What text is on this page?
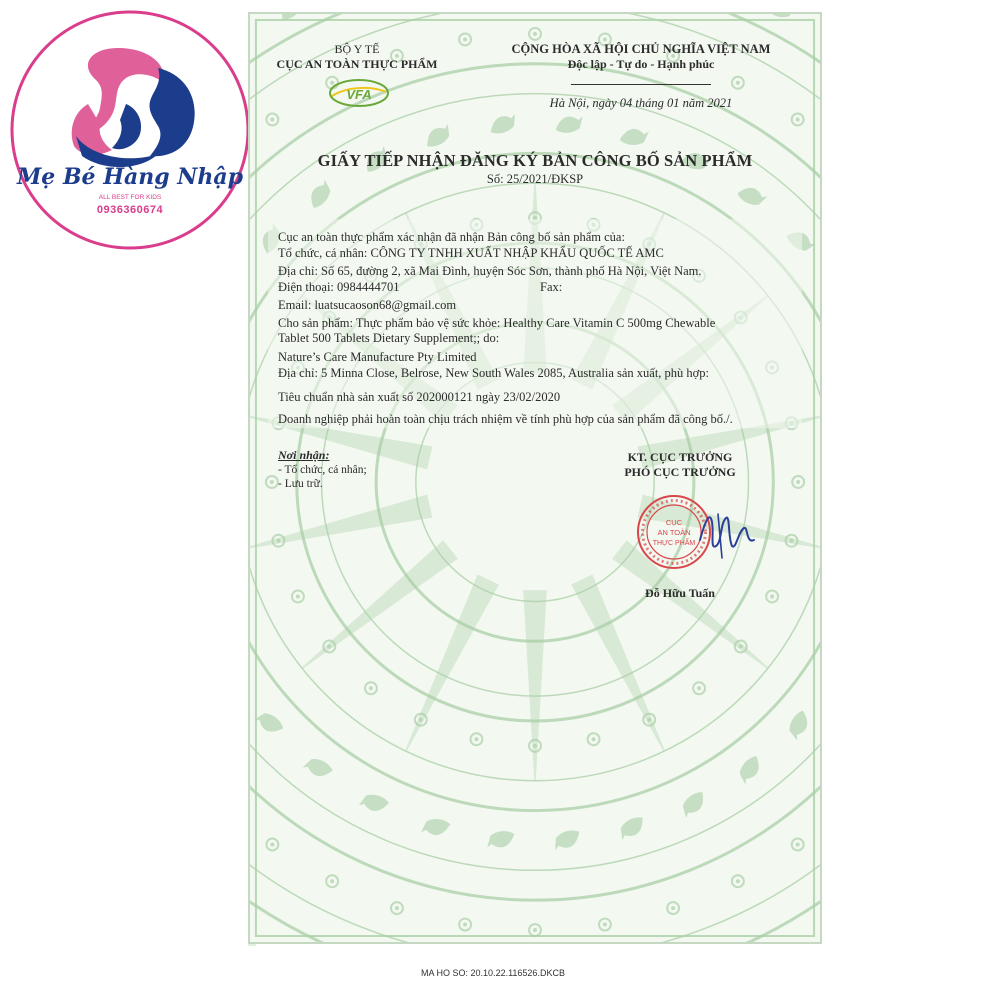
Mẹ Bé Hàng Nhập
ALL BEST FOR KIDS
0936360674
BỘ Y TẾ
CỤC AN TOÀN THỰC PHẨM
VFA
CỘNG HÒA XÃ HỘI CHỦ NGHĨA VIỆT NAM
Độc lập - Tự do - Hạnh phúc
Hà Nội, ngày 04 tháng 01 năm 2021
GIẤY TIẾP NHẬN ĐĂNG KÝ BẢN CÔNG BỐ SẢN PHẨM
Số: 25/2021/ĐKSP
Cục an toàn thực phẩm xác nhận đã nhận Bản công bố sản phẩm của:
Tổ chức, cá nhân: CÔNG TY TNHH XUẤT NHẬP KHẨU QUỐC TẾ AMC
Địa chỉ: Số 65, đường 2, xã Mai Đình, huyện Sóc Sơn, thành phố Hà Nội, Việt Nam.
Điện thoại: 0984444701	Fax:
Email: luatsucaoson68@gmail.com
Cho sản phẩm: Thực phẩm bảo vệ sức khỏe: Healthy Care Vitamin C 500mg Chewable
Tablet 500 Tablets Dietary Supplement;; do:
Nature’s Care Manufacture Pty Limited
Địa chỉ: 5 Minna Close, Belrose, New South Wales 2085, Australia sản xuất, phù hợp:
Tiêu chuẩn nhà sản xuất số 202000121 ngày 23/02/2020
Doanh nghiệp phải hoàn toàn chịu trách nhiệm về tính phù hợp của sản phẩm đã công bố./.
Nơi nhận:
- Tổ chức, cá nhân;
- Lưu trữ.
KT. CỤC TRƯỞNG
PHÓ CỤC TRƯỞNG
CỤC
AN TOÀN
THỰC PHẨM
Đỗ Hữu Tuấn
MA HO SO: 20.10.22.116526.DKCB
